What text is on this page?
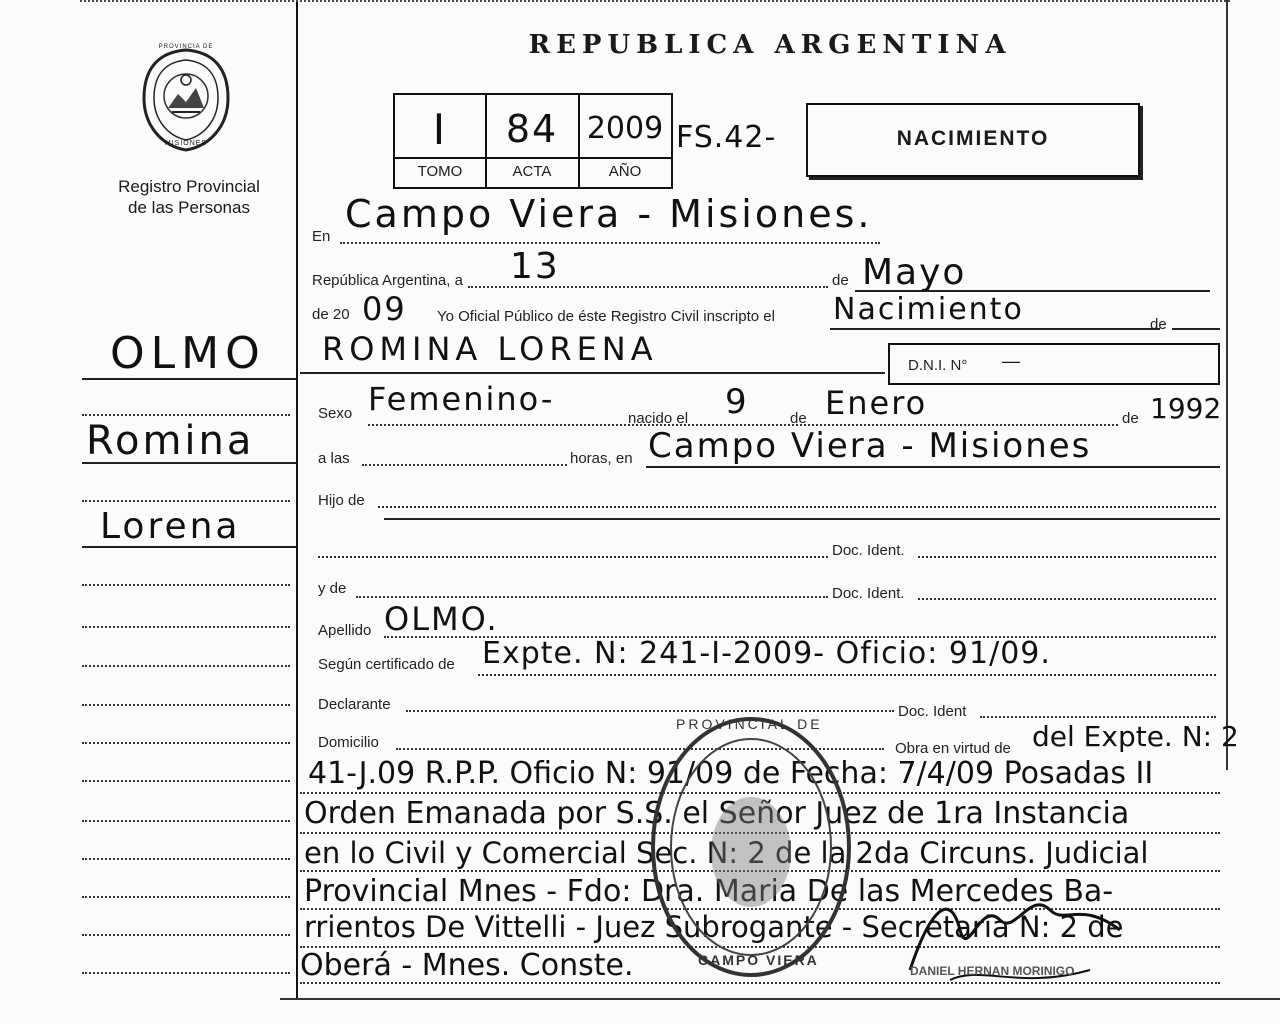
PROVINCIA DE
MISIONES
Registro Provincial
de las Personas
REPUBLICA ARGENTINA
I	84 2009
TOMO	ACTA	AÑO
FS.42-	NACIMIENTO
OLMO
Romina
Lorena
En
Campo Viera - Misiones.
República Argentina, a 13	de Mayo
de 20 09 Yo Oficial Público de éste Registro Civil inscripto el Nacimiento	de
ROMINA LORENA	D.N.I. N° —
Sexo Femenino-
nacido el 9	de Enero	de 1992
a las	horas, en Campo Viera - Misiones
Hijo de
Doc. Ident.
y de	Doc. Ident.
Apellido OLMO.
Según certificado de Expte. N: 241-I-2009- Oficio: 91/09.
Declarante	Doc. Ident
Domicilio	Obra en virtud de del Expte. N: 2
41-J.09 R.P.P. Oficio N: 91/09 de Fecha: 7/4/09 Posadas II
Orden Emanada por S.S. el Señor Juez de 1ra Instancia
en lo Civil y Comercial Sec. N: 2 de la 2da Circuns. Judicial
Provincial Mnes - Fdo: Dra. Maria De las Mercedes Ba-
rrientos De Vittelli - Juez Subrogante - Secretaria N: 2 de
Oberá - Mnes. Conste.
PROVINCIAL DE
CAMPO VIERA
DANIEL HERNAN MORINIGO
